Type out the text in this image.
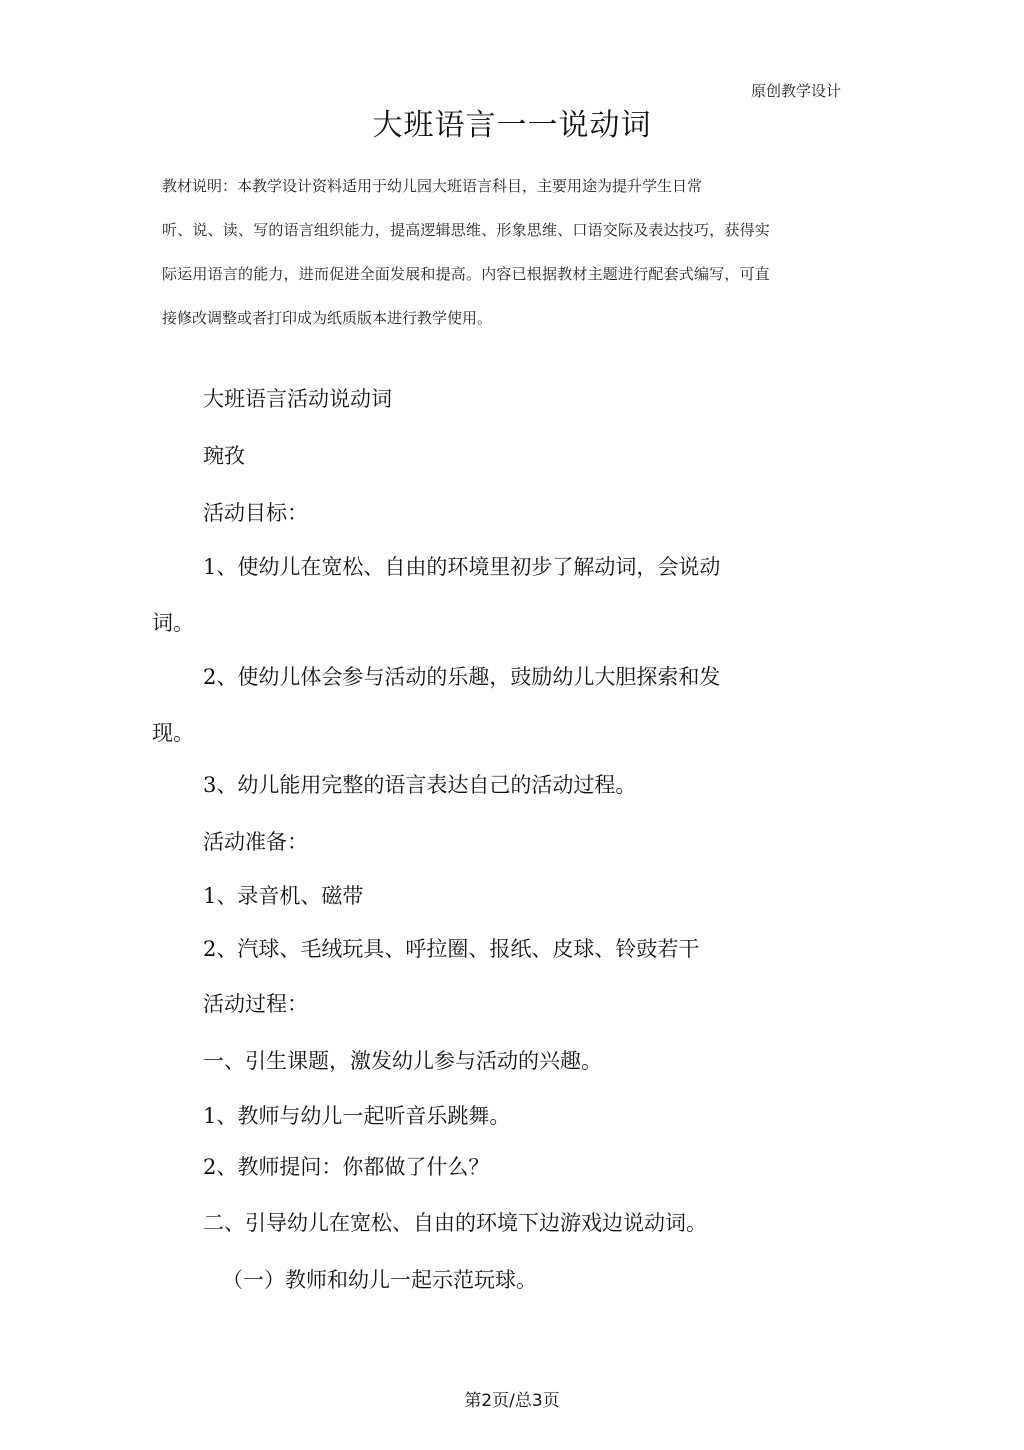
原创教学设计
大班语言一一说动词

教材说明：本教学设计资料适用于幼儿园大班语言科目，主要用途为提升学生日常

听、说、读、写的语言组织能力，提高逻辑思维、形象思维、口语交际及表达技巧，获得实

际运用语言的能力，进而促进全面发展和提高。内容已根据教材主题进行配套式编写，可直

接修改调整或者打印成为纸质版本进行教学使用。

大班语言活动说动词
琬孜
活动目标：
1、使幼儿在宽松、自由的环境里初步了解动词，会说动
词。
2、使幼儿体会参与活动的乐趣，豉励幼儿大胆探索和发
现。
3、幼儿能用完整的语言表达自己的活动过程。
活动准备：
1、录音机、磁带
2、汽球、毛绒玩具、呼拉圈、报纸、皮球、铃豉若干
活动过程：
一、引生课题，激发幼儿参与活动的兴趣。
1、教师与幼儿一起听音乐跳舞。
2、教师提问：你都做了什么？
二、引导幼儿在宽松、自由的环境下边游戏边说动词。
（一）教师和幼儿一起示范玩球。
第2页/总3页
